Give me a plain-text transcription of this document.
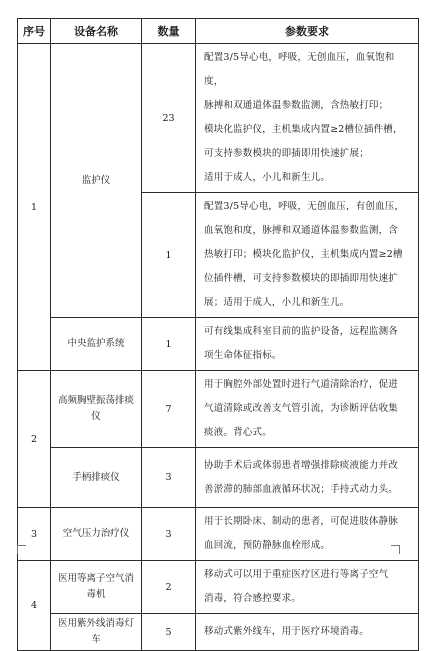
序号	设备名称	数量	参数要求
1	监护仪	23	配置3/5导心电，呼吸，无创血压，血氧饱和度，
脉搏和双通道体温参数监测，含热敏打印；
模块化监护仪，主机集成内置≥2槽位插件槽，
可支持参数模块的即插即用快速扩展；
适用于成人，小儿和新生儿。

		1	配置3/5导心电，呼吸，无创血压，有创血压，
血氧饱和度，脉搏和双通道体温参数监测，含
热敏打印；模块化监护仪，主机集成内置≥2槽
位插件槽，可支持参数模块的即插即用快速扩
展；适用于成人，小儿和新生儿。

	中央监护系统	1	可有线集成科室目前的监护设备，远程监测各
项生命体征指标。

2	高频胸壁振荡排痰仪	7	用于胸腔外部处置时进行气道清除治疗，促进
气道清除或改善支气管引流，为诊断评估收集
痰液。背心式。

	手柄排痰仪	3	协助手术后或体弱患者增强排除痰液能力并改
善淤滞的肺部血液循环状况；手持式动力头。

3	空气压力治疗仪	3	用于长期卧床、制动的患者，可促进肢体静脉
血回流，预防静脉血栓形成。

4	医用等离子空气消毒机	2	移动式可以用于重症医疗区进行等离子空气
消毒，符合感控要求。

	医用紫外线消毒灯车	5	移动式紫外线车，用于医疗环境消毒。
